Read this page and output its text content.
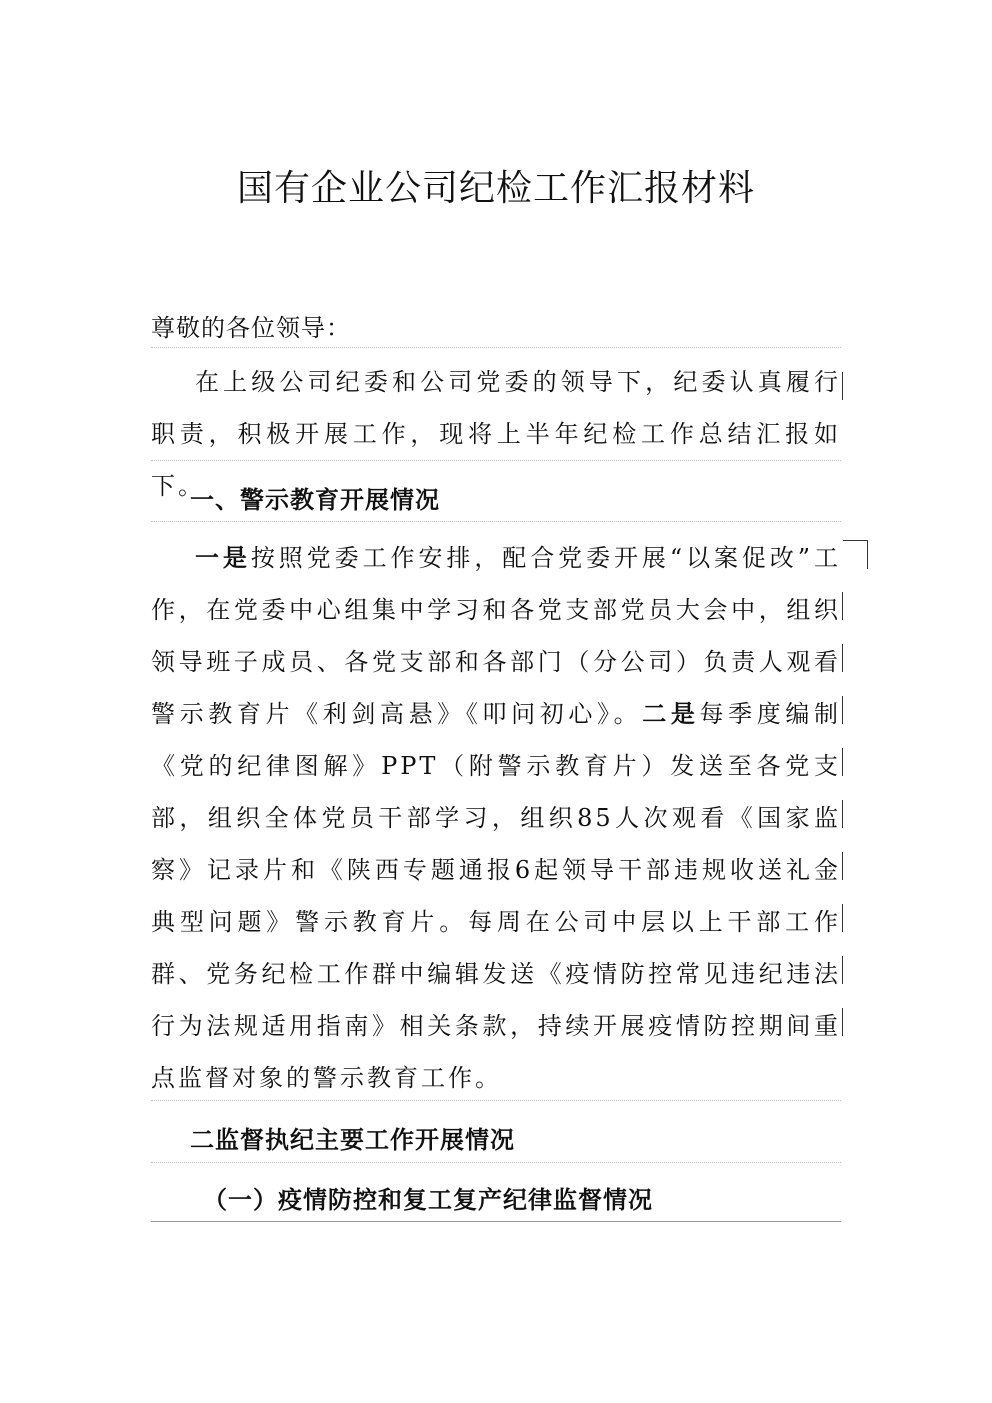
国有企业公司纪检工作汇报材料
尊敬的各位领导：
在上级公司纪委和公司党委的领导下，纪委认真履行职责，积极开展工作，现将上半年纪检工作总结汇报如下。
一、警示教育开展情况
一是按照党委工作安排，配合党委开展“以案促改”工作，在党委中心组集中学习和各党支部党员大会中，组织领导班子成员、各党支部和各部门（分公司）负责人观看警示教育片《利剑高悬》《叩问初心》。二是每季度编制《党的纪律图解》PPT（附警示教育片）发送至各党支部，组织全体党员干部学习，组织85人次观看《国家监察》记录片和《陕西专题通报6起领导干部违规收送礼金典型问题》警示教育片。每周在公司中层以上干部工作群、党务纪检工作群中编辑发送《疫情防控常见违纪违法行为法规适用指南》相关条款，持续开展疫情防控期间重点监督对象的警示教育工作。
二监督执纪主要工作开展情况
（一）疫情防控和复工复产纪律监督情况
